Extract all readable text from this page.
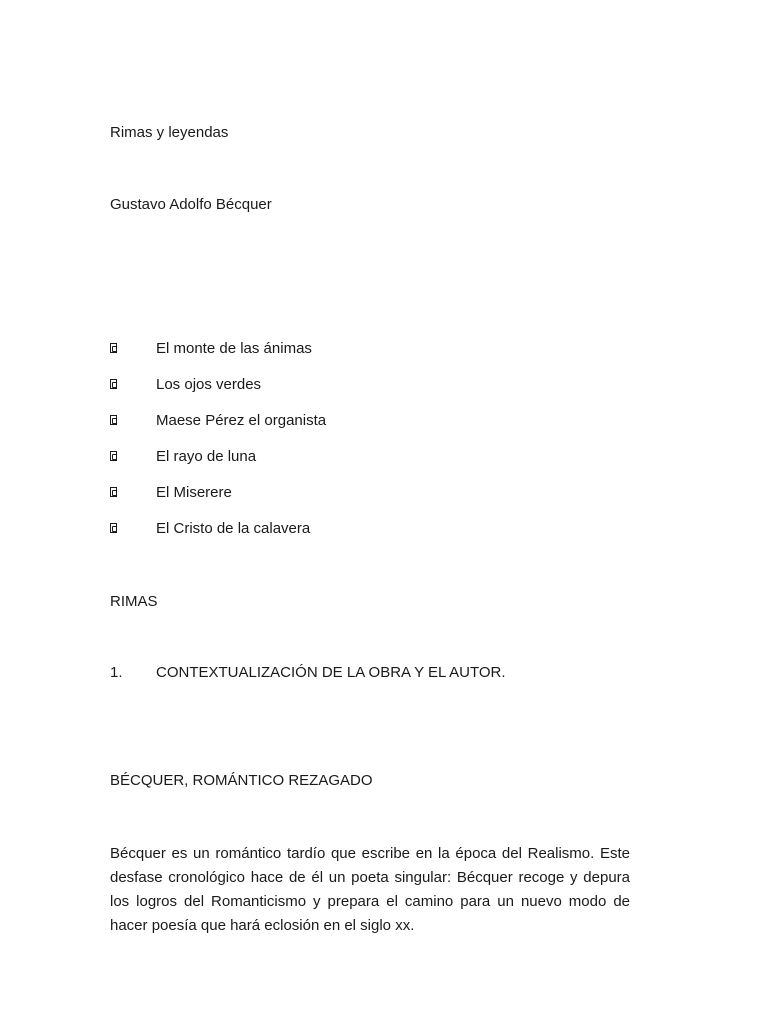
Rimas y leyendas
Gustavo Adolfo Bécquer
El monte de las ánimas
Los ojos verdes
Maese Pérez el organista
El rayo de luna
El Miserere
El Cristo de la calavera
RIMAS
1. CONTEXTUALIZACIÓN DE LA OBRA Y EL AUTOR.
BÉCQUER, ROMÁNTICO REZAGADO
Bécquer es un romántico tardío que escribe en la época del Realismo. Este desfase cronológico hace de él un poeta singular: Bécquer recoge y depura los logros del Romanticismo y prepara el camino para un nuevo modo de hacer poesía que hará eclosión en el siglo xx.
